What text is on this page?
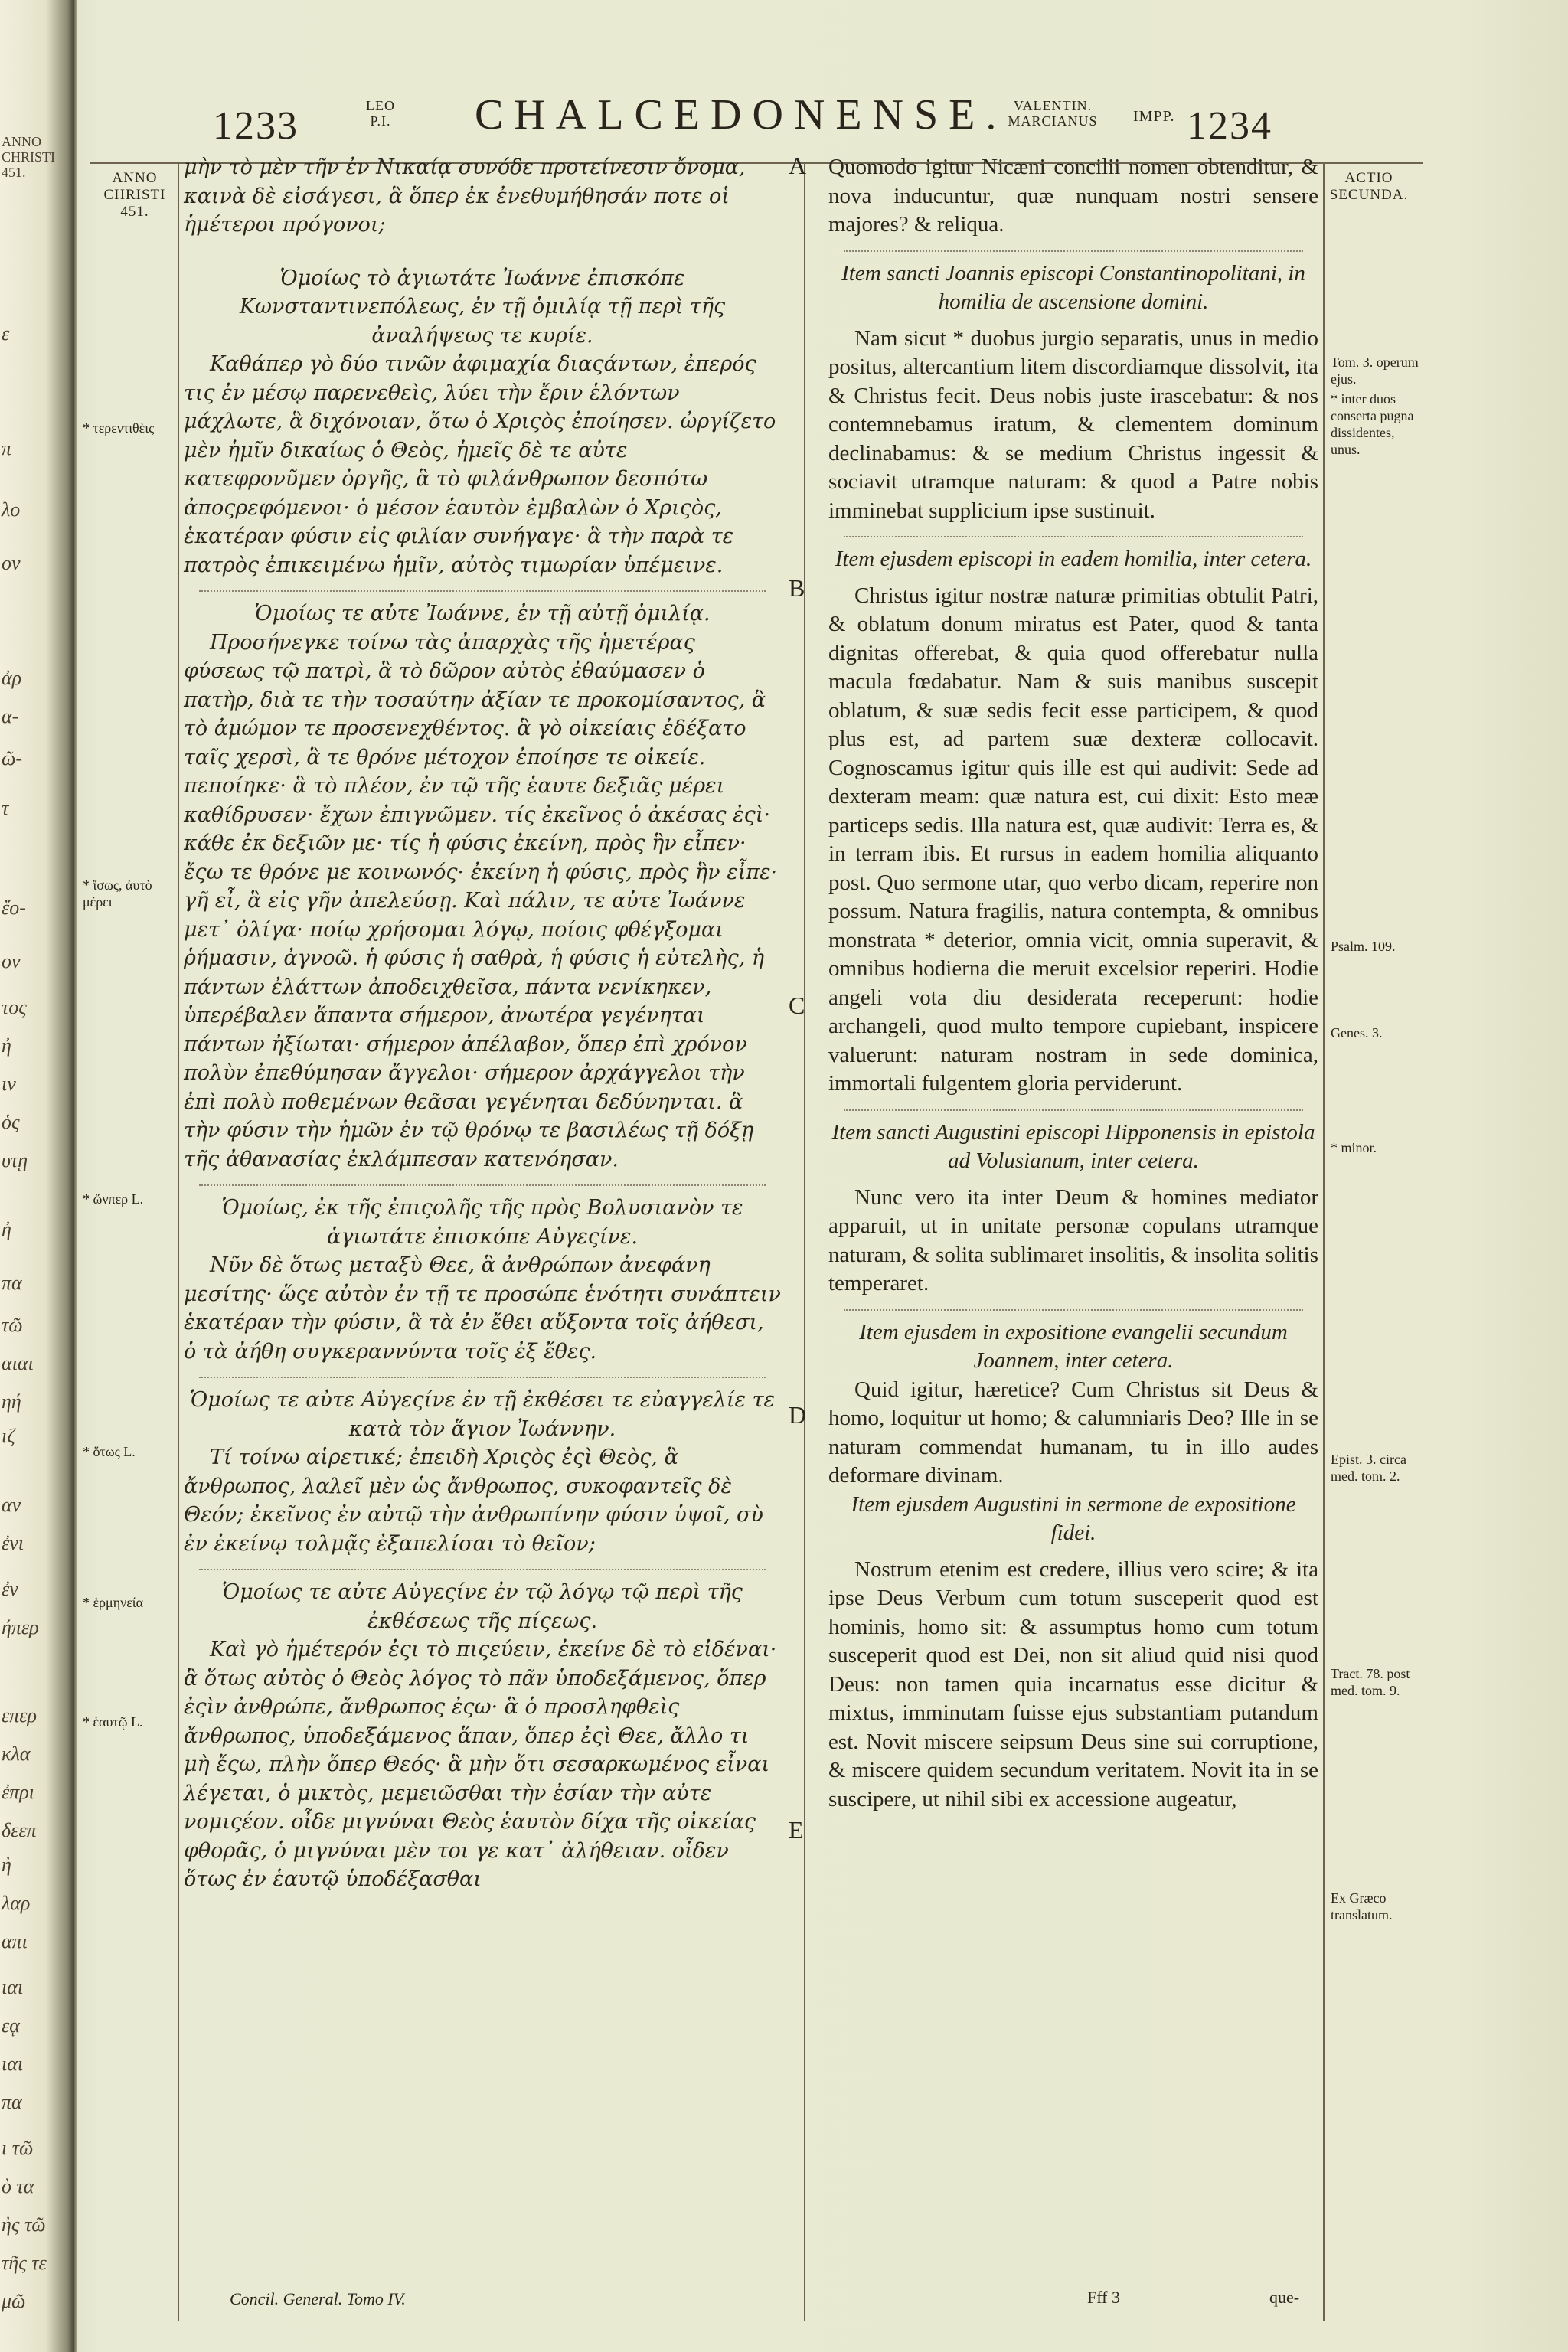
ANNO CHRISTI 451.
ε
π
λο
ov
ἀρ
α-
ῶ-
τ
ἔο-
ον
τος
ἠ
ιν
ὁς
υτῃ
ἠ
πα
τῶ
αιαι
ηή
ιζ
αν
ἐνι
ἐν
ήπερ
επερ
κλα
ἐπρι
δεεπ
ἠ
λαρ
απι
ιαι
εᾳ
ιαι
πα
ι τῶ
ὸ τα
ἠς τῶ
τῆς τε
μῶ
1233	LEO
P.I.	CHALCEDONENSE. VALENTIN.
MARCIANUS	IMPP. 1234
ANNO CHRISTI
451.
ACTIO SECUNDA.
A
B
C
D
E
* τερεντιθὲις
* ἴσως, ἀυτὸ μέρει
* ὥνπερ L.
* ὅτως L.
* ἑρμηνεία
* ἑαυτῷ L.
Tom. 3. operum ejus.
* inter duos conserta pugna dissidentes, unus.
Psalm. 109.
Genes. 3.
* minor.
Epist. 3. circa med. tom. 2.
Tract. 78. post med. tom. 9.
Ex Græco translatum.

μὴν τὸ μὲν τῆν ἐν Νικαίᾳ συνόδε προτείνεσιν ὄνομα, καινὰ δὲ εἰσάγεσι, ἃ ὅπερ ἐκ ἐνεθυμήθησάν ποτε οἱ ἡμέτεροι πρόγονοι;

Ὁμοίως τὸ ἁγιωτάτε Ἰωάννε ἐπισκόπε Κωνσταντινεπόλεως, ἐν τῇ ὁμιλίᾳ τῇ περὶ τῆς ἀναλήψεως τε κυρίε.

Καθάπερ γὸ δύο τινῶν ἀφιμαχία διαςάντων, ἐπερός τις ἐν μέσῳ παρενεθεὶς, λύει τὴν ἔριν ἑλόντων μάχλωτε, ἃ διχόνοιαν, ὅτω ὁ Χριςὸς ἐποίησεν. ὠργίζετο μὲν ἡμῖν δικαίως ὁ Θεὸς, ἡμεῖς δὲ τε αὐτε κατεφρονῦμεν ὀργῆς, ἃ τὸ φιλάνθρωπον δεσπότω ἀποςρεφόμενοι· ὁ μέσον ἑαυτὸν ἐμβαλὼν ὁ Χριςὸς, ἑκατέραν φύσιν εἰς φιλίαν συνήγαγε· ἃ τὴν παρὰ τε πατρὸς ἐπικειμένω ἡμῖν, αὐτὸς τιμωρίαν ὑπέμεινε.

Ὁμοίως τε αὐτε Ἰωάννε, ἐν τῇ αὐτῇ ὁμιλίᾳ.

Προσήνεγκε τοίνω τὰς ἀπαρχὰς τῆς ἡμετέρας φύσεως τῷ πατρὶ, ἃ τὸ δῶρον αὐτὸς ἐθαύμασεν ὁ πατὴρ, διὰ τε τὴν τοσαύτην ἀξίαν τε προκομίσαντος, ἃ τὸ ἀμώμον τε προσενεχθέντος. ἃ γὸ οἰκείαις ἐδέξατο ταῖς χερσὶ, ἃ τε θρόνε μέτοχον ἐποίησε τε οἰκείε. πεποίηκε· ἃ τὸ πλέον, ἐν τῷ τῆς ἑαυτε δεξιᾶς μέρει καθίδρυσεν· ἔχων ἐπιγνῶμεν. τίς ἐκεῖνος ὁ ἀκέσας ἐςὶ· κάθε ἐκ δεξιῶν με· τίς ἡ φύσις ἐκείνη, πρὸς ἣν εἶπεν· ἔςω τε θρόνε με κοινωνός· ἐκείνη ἡ φύσις, πρὸς ἣν εἶπε· γῆ εἶ, ἃ εἰς γῆν ἀπελεύσῃ. Καὶ πάλιν, τε αὐτε Ἰωάννε μετ᾽ ὀλίγα· ποίῳ χρήσομαι λόγῳ, ποίοις φθέγξομαι ῥήμασιν, ἀγνοῶ. ἡ φύσις ἡ σαθρὰ, ἡ φύσις ἡ εὐτελὴς, ἡ πάντων ἐλάττων ἀποδειχθεῖσα, πάντα νενίκηκεν, ὑπερέβαλεν ἅπαντα σήμερον, ἀνωτέρα γεγένηται πάντων ἠξίωται· σήμερον ἀπέλαβον, ὅπερ ἐπὶ χρόνον πολὺν ἐπεθύμησαν ἄγγελοι· σήμερον ἀρχάγγελοι τὴν ἐπὶ πολὺ ποθεμένων θεᾶσαι γεγένηται δεδύνηνται. ἃ τὴν φύσιν τὴν ἡμῶν ἐν τῷ θρόνῳ τε βασιλέως τῇ δόξῃ τῆς ἀθανασίας ἐκλάμπεσαν κατενόησαν.

Ὁμοίως, ἐκ τῆς ἐπιςολῆς τῆς πρὸς Βολυσιανὸν τε ἁγιωτάτε ἐπισκόπε Αὐγεςίνε.

Νῦν δὲ ὅτως μεταξὺ Θεε, ἃ ἀνθρώπων ἀνεφάνη μεσίτης· ὥςε αὐτὸν ἐν τῇ τε προσώπε ἑνότητι συνάπτειν ἑκατέραν τὴν φύσιν, ἃ τὰ ἐν ἔθει αὔξοντα τοῖς ἀήθεσι, ὁ τὰ ἀήθη συγκεραννύντα τοῖς ἐξ ἔθες.

Ὁμοίως τε αὐτε Αὐγεςίνε ἐν τῇ ἐκθέσει τε εὐαγγελίε τε κατὰ τὸν ἅγιον Ἰωάννην.

Τί τοίνω αἱρετικέ; ἐπειδὴ Χριςὸς ἐςὶ Θεὸς, ἃ ἄνθρωπος, λαλεῖ μὲν ὡς ἄνθρωπος, συκοφαντεῖς δὲ Θεόν; ἐκεῖνος ἐν αὐτῷ τὴν ἀνθρωπίνην φύσιν ὑψοῖ, σὺ ἐν ἐκείνῳ τολμᾷς ἐξαπελίσαι τὸ θεῖον;

Ὁμοίως τε αὐτε Αὐγεςίνε ἐν τῷ λόγῳ τῷ περὶ τῆς ἐκθέσεως τῆς πίςεως.

Καὶ γὸ ἡμέτερόν ἐςι τὸ πιςεύειν, ἐκείνε δὲ τὸ εἰδέναι· ἃ ὅτως αὐτὸς ὁ Θεὸς λόγος τὸ πᾶν ὑποδεξάμενος, ὅπερ ἐςὶν ἀνθρώπε, ἄνθρωπος ἐςω· ἃ ὁ προσληφθεὶς ἄνθρωπος, ὑποδεξάμενος ἅπαν, ὅπερ ἐςὶ Θεε, ἄλλο τι μὴ ἔςω, πλὴν ὅπερ Θεός· ἃ μὴν ὅτι σεσαρκωμένος εἶναι λέγεται, ὁ μικτὸς, μεμειῶσθαι τὴν ἐσίαν τὴν αὐτε νομιςέον. οἶδε μιγνύναι Θεὸς ἑαυτὸν δίχα τῆς οἰκείας φθορᾶς, ὁ μιγνύναι μὲν τοι γε κατ᾽ ἀλήθειαν. οἶδεν ὅτως ἐν ἑαυτῷ ὑποδέξασθαι

Quomodo igitur Nicæni concilii nomen obtenditur, & nova inducuntur, quæ nunquam nostri sensere majores? & reliqua.

Item sancti Joannis episcopi Constantinopolitani, in homilia de ascensione domini.

Nam sicut * duobus jurgio separatis, unus in medio positus, altercantium litem discordiamque dissolvit, ita & Christus fecit. Deus nobis juste irascebatur: & nos contemnebamus iratum, & clementem dominum declinabamus: & se medium Christus ingessit & sociavit utramque naturam: & quod a Patre nobis imminebat supplicium ipse sustinuit.

Item ejusdem episcopi in eadem homilia, inter cetera.

Christus igitur nostræ naturæ primitias obtulit Patri, & oblatum donum miratus est Pater, quod & tanta dignitas offerebat, & quia quod offerebatur nulla macula fœdabatur. Nam & suis manibus suscepit oblatum, & suæ sedis fecit esse participem, & quod plus est, ad partem suæ dexteræ collocavit. Cognoscamus igitur quis ille est qui audivit: Sede ad dexteram meam: quæ natura est, cui dixit: Esto meæ particeps sedis. Illa natura est, quæ audivit: Terra es, & in terram ibis. Et rursus in eadem homilia aliquanto post. Quo sermone utar, quo verbo dicam, reperire non possum. Natura fragilis, natura contempta, & omnibus monstrata * deterior, omnia vicit, omnia superavit, & omnibus hodierna die meruit excelsior reperiri. Hodie angeli vota diu desiderata receperunt: hodie archangeli, quod multo tempore cupiebant, inspicere valuerunt: naturam nostram in sede dominica, immortali fulgentem gloria perviderunt.

Item sancti Augustini episcopi Hipponensis in epistola ad Volusianum, inter cetera.

Nunc vero ita inter Deum & homines mediator apparuit, ut in unitate personæ copulans utramque naturam, & solita sublimaret insolitis, & insolita solitis temperaret.

Item ejusdem in expositione evangelii secundum Joannem, inter cetera.

Quid igitur, hæretice? Cum Christus sit Deus & homo, loquitur ut homo; & calumniaris Deo? Ille in se naturam commendat humanam, tu in illo audes deformare divinam.

Item ejusdem Augustini in sermone de expositione fidei.

Nostrum etenim est credere, illius vero scire; & ita ipse Deus Verbum cum totum susceperit quod est hominis, homo sit: & assumptus homo cum totum susceperit quod est Dei, non sit aliud quid nisi quod Deus: non tamen quia incarnatus esse dicitur & mixtus, imminutam fuisse ejus substantiam putandum est. Novit miscere seipsum Deus sine sui corruptione, & miscere quidem secundum veritatem. Novit ita in se suscipere, ut nihil sibi ex accessione augeatur,

Concil. General. Tomo IV.	Fff 3	que-
